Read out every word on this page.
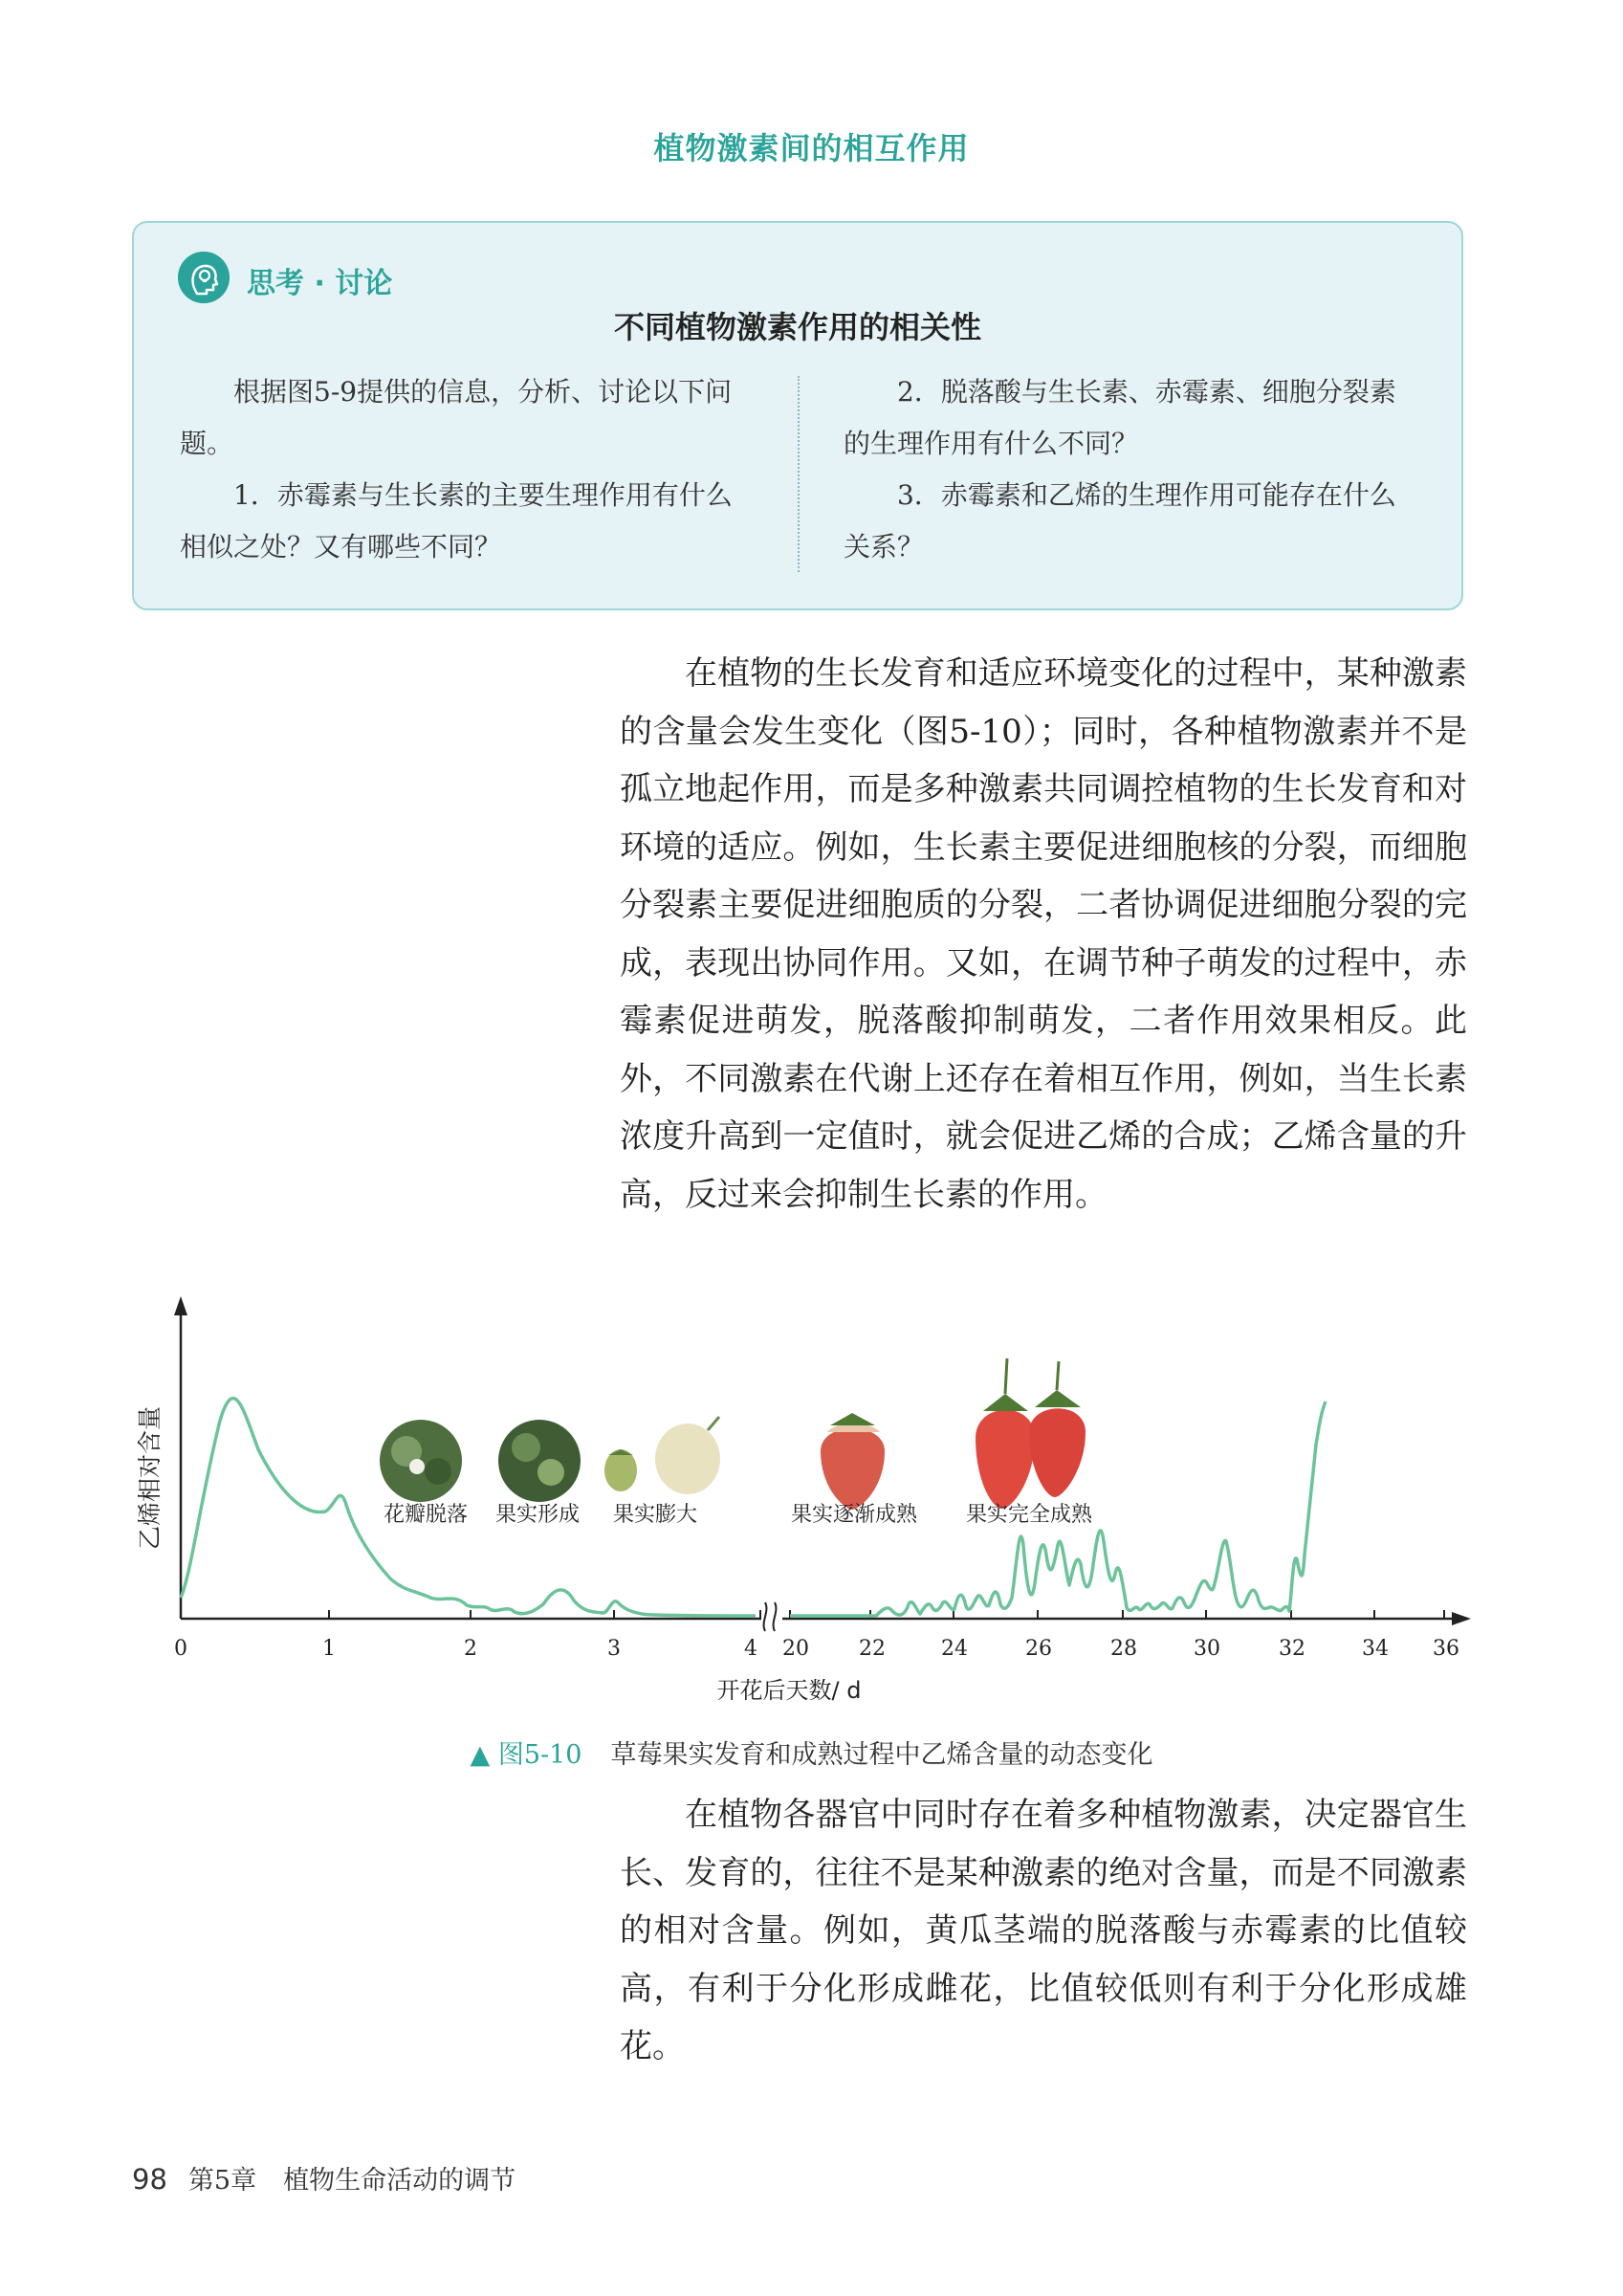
植物激素间的相互作用
思考 · 讨论
不同植物激素作用的相关性

根据图5-9提供的信息，分析、讨论以下问题。

1．赤霉素与生长素的主要生理作用有什么相似之处？又有哪些不同？

2．脱落酸与生长素、赤霉素、细胞分裂素的生理作用有什么不同？

3．赤霉素和乙烯的生理作用可能存在什么关系？

在植物的生长发育和适应环境变化的过程中，某种激素的含量会发生变化（图5-10）；同时，各种植物激素并不是孤立地起作用，而是多种激素共同调控植物的生长发育和对环境的适应。例如，生长素主要促进细胞核的分裂，而细胞分裂素主要促进细胞质的分裂，二者协调促进细胞分裂的完成，表现出协同作用。又如，在调节种子萌发的过程中，赤霉素促进萌发，脱落酸抑制萌发，二者作用效果相反。此外，不同激素在代谢上还存在着相互作用，例如，当生长素浓度升高到一定值时，就会促进乙烯的合成；乙烯含量的升高，反过来会抑制生长素的作用。
0	1	2	3	4 20 22	24	26	28	30	32	34 36
开花后天数/ d
乙烯相对含量	花瓣脱落 果实形成 果实膨大	果实逐渐成熟 果实完全成熟
▲ 图5-10 草莓果实发育和成熟过程中乙烯含量的动态变化
在植物各器官中同时存在着多种植物激素，决定器官生长、发育的，往往不是某种激素的绝对含量，而是不同激素的相对含量。例如，黄瓜茎端的脱落酸与赤霉素的比值较高，有利于分化形成雌花，比值较低则有利于分化形成雄花。
98 第5章 植物生命活动的调节
